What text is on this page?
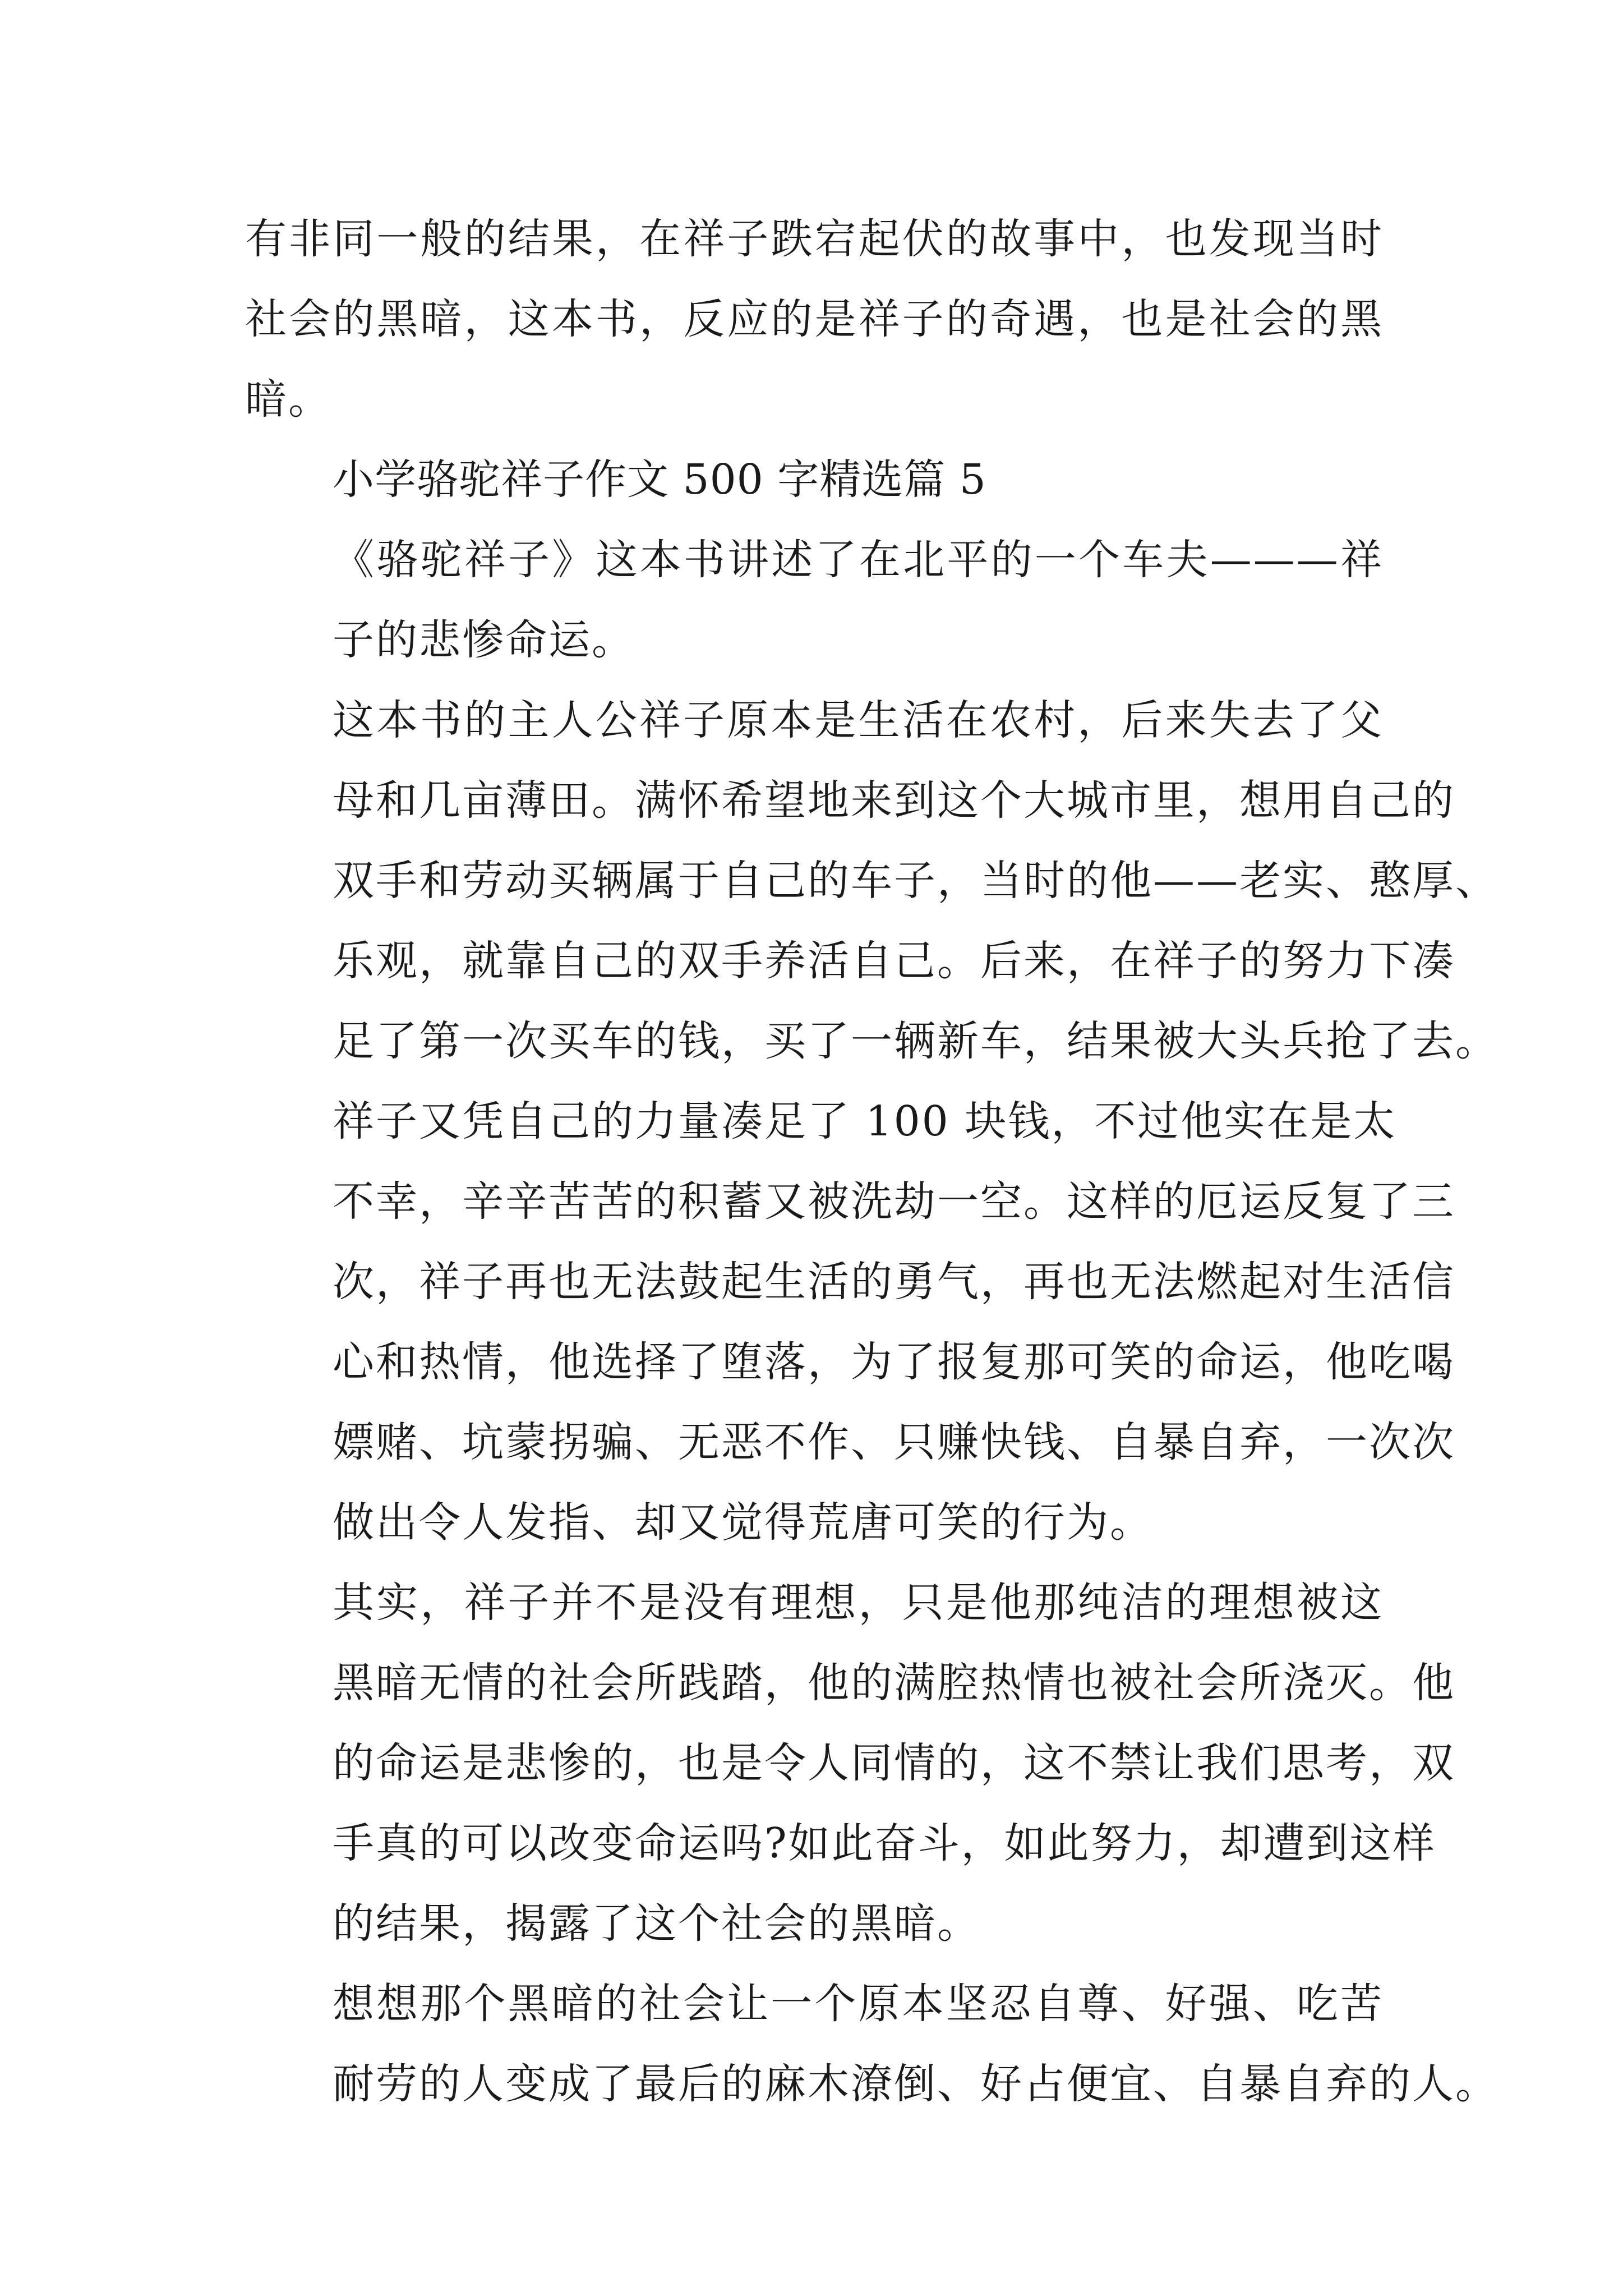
有非同一般的结果，在祥子跌宕起伏的故事中，也发现当时
社会的黑暗，这本书，反应的是祥子的奇遇，也是社会的黑
暗。
小学骆驼祥子作文 500 字精选篇 5
《骆驼祥子》这本书讲述了在北平的一个车夫———祥
子的悲惨命运。
这本书的主人公祥子原本是生活在农村，后来失去了父
母和几亩薄田。满怀希望地来到这个大城市里，想用自己的
双手和劳动买辆属于自己的车子，当时的他——老实、憨厚、
乐观，就靠自己的双手养活自己。后来，在祥子的努力下凑
足了第一次买车的钱，买了一辆新车，结果被大头兵抢了去。
祥子又凭自己的力量凑足了 100 块钱，不过他实在是太
不幸，辛辛苦苦的积蓄又被洗劫一空。这样的厄运反复了三
次，祥子再也无法鼓起生活的勇气，再也无法燃起对生活信
心和热情，他选择了堕落，为了报复那可笑的命运，他吃喝
嫖赌、坑蒙拐骗、无恶不作、只赚快钱、自暴自弃，一次次
做出令人发指、却又觉得荒唐可笑的行为。
其实，祥子并不是没有理想，只是他那纯洁的理想被这
黑暗无情的社会所践踏，他的满腔热情也被社会所浇灭。他
的命运是悲惨的，也是令人同情的，这不禁让我们思考，双
手真的可以改变命运吗?如此奋斗，如此努力，却遭到这样
的结果，揭露了这个社会的黑暗。
想想那个黑暗的社会让一个原本坚忍自尊、好强、吃苦
耐劳的人变成了最后的麻木潦倒、好占便宜、自暴自弃的人。
